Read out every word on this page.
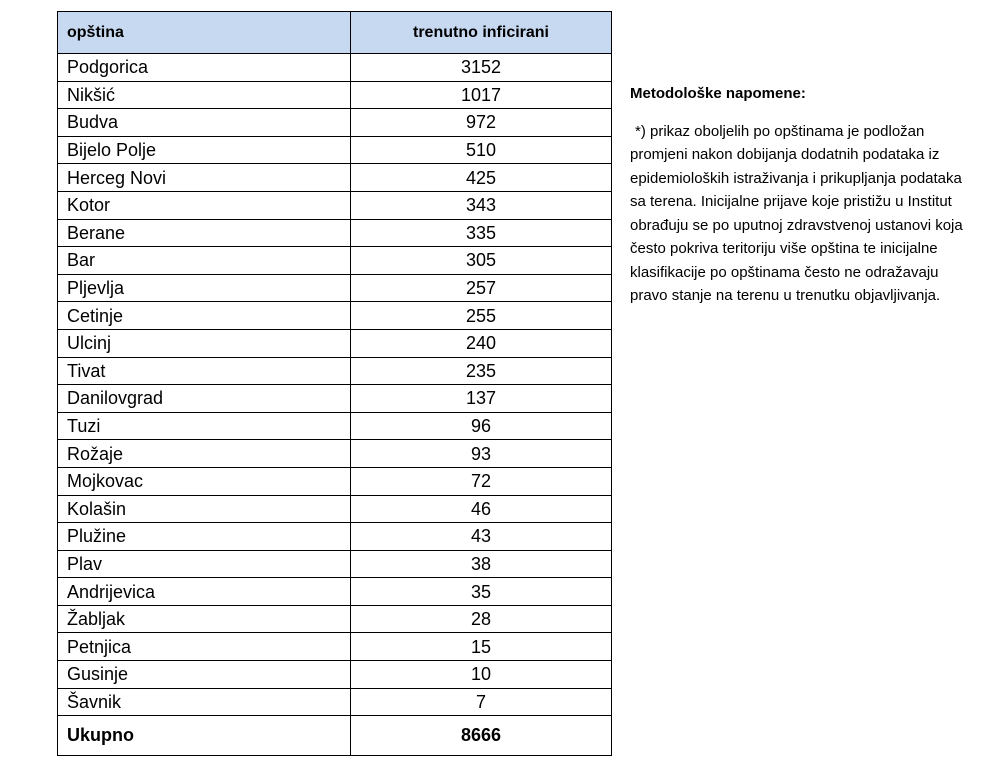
opština	trenutno inficirani
Podgorica	3152
Nikšić	1017
Budva	972
Bijelo Polje	510
Herceg Novi	425
Kotor	343
Berane	335
Bar	305
Pljevlja	257
Cetinje	255
Ulcinj	240
Tivat	235
Danilovgrad	137
Tuzi	96
Rožaje	93
Mojkovac	72
Kolašin	46
Plužine	43
Plav	38
Andrijevica	35
Žabljak	28
Petnjica	15
Gusinje	10
Šavnik	7
Ukupno	8666

Metodološke napomene:

*) prikaz oboljelih po opštinama je podložan promjeni nakon dobijanja dodatnih podataka iz epidemioloških istraživanja i prikupljanja podataka sa terena. Inicijalne prijave koje pristižu u Institut obrađuju se po uputnoj zdravstvenoj ustanovi koja često pokriva teritoriju više opština te inicijalne klasifikacije po opštinama često ne odražavaju pravo stanje na terenu u trenutku objavljivanja.
